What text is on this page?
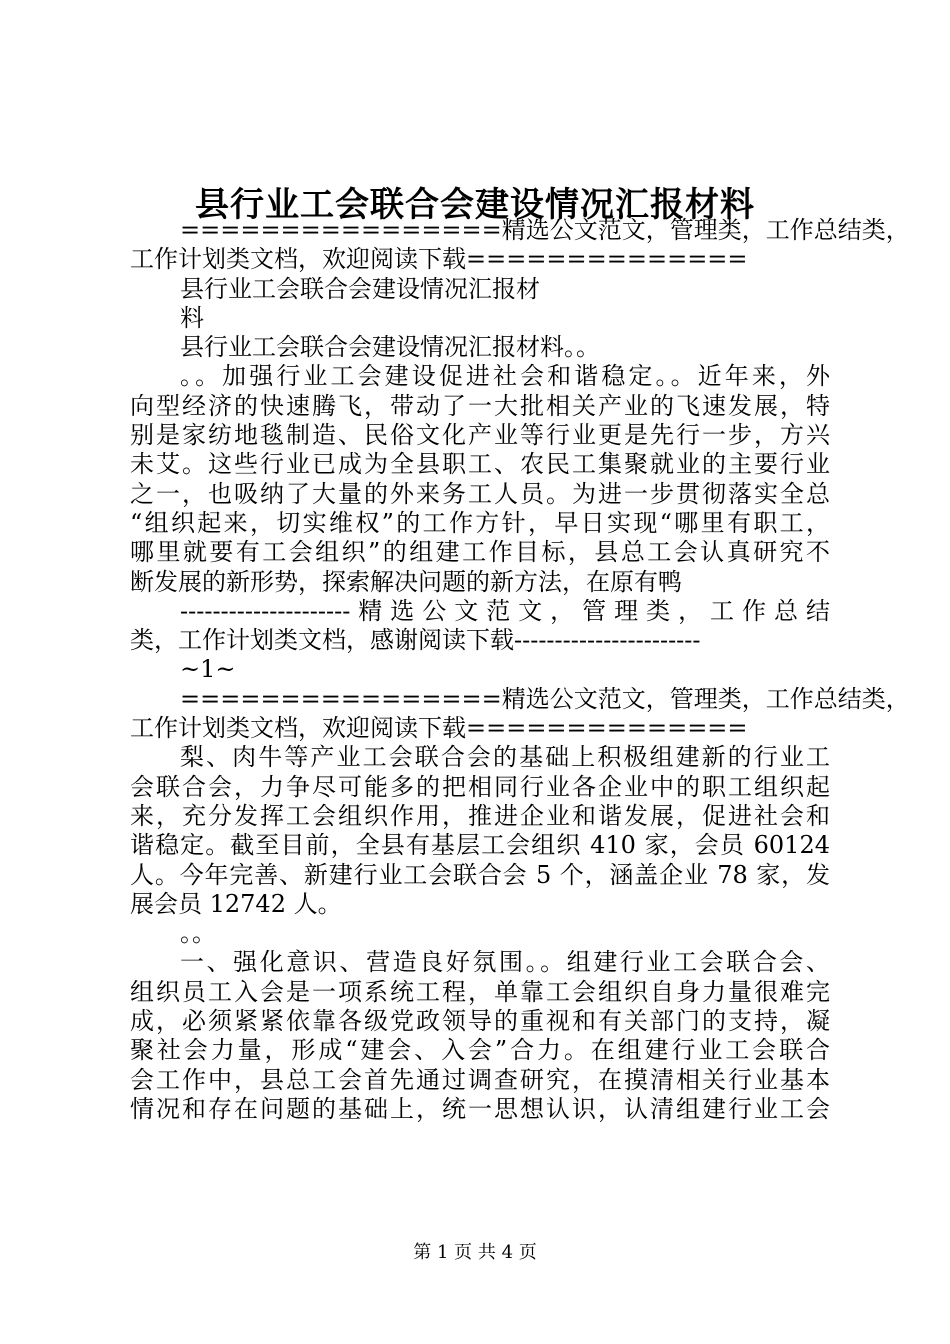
县行业工会联合会建设情况汇报材料
================精选公文范文，管理类，工作总结类，
工作计划类文档，欢迎阅读下载==============
县行业工会联合会建设情况汇报材
料
县行业工会联合会建设情况汇报材料。。
。。加强行业工会建设促进社会和谐稳定。。近年来，外
向型经济的快速腾飞，带动了一大批相关产业的飞速发展，特
别是家纺地毯制造、民俗文化产业等行业更是先行一步，方兴
未艾。这些行业已成为全县职工、农民工集聚就业的主要行业
之一，也吸纳了大量的外来务工人员。为进一步贯彻落实全总
“组织起来，切实维权”的工作方针，早日实现“哪里有职工，
哪里就要有工会组织”的组建工作目标，县总工会认真研究不
断发展的新形势，探索解决问题的新方法，在原有鸭
---------------------精选公文范文，管理类，工作总结
类，工作计划类文档，感谢阅读下载-----------------------
~1~
================精选公文范文，管理类，工作总结类，
工作计划类文档，欢迎阅读下载==============
梨、肉牛等产业工会联合会的基础上积极组建新的行业工
会联合会，力争尽可能多的把相同行业各企业中的职工组织起
来，充分发挥工会组织作用，推进企业和谐发展，促进社会和
谐稳定。截至目前，全县有基层工会组织 410 家，会员 60124
人。今年完善、新建行业工会联合会 5 个，涵盖企业 78 家，发
展会员 12742 人。
。。
一、强化意识、营造良好氛围。。组建行业工会联合会、
组织员工入会是一项系统工程，单靠工会组织自身力量很难完
成，必须紧紧依靠各级党政领导的重视和有关部门的支持，凝
聚社会力量，形成“建会、入会”合力。在组建行业工会联合
会工作中，县总工会首先通过调查研究，在摸清相关行业基本
情况和存在问题的基础上，统一思想认识，认清组建行业工会
第 1 页 共 4 页
